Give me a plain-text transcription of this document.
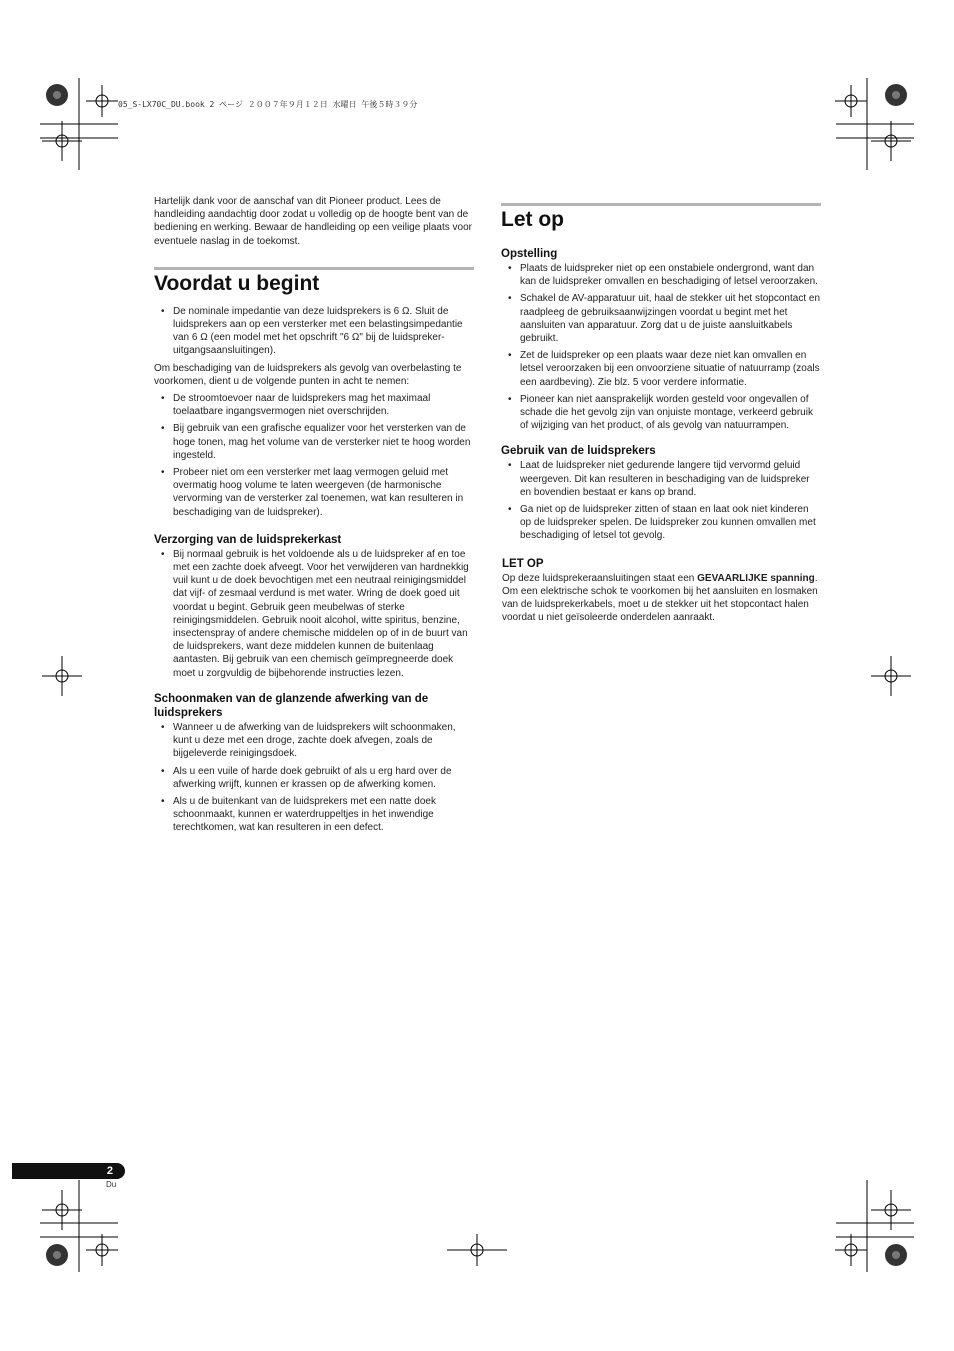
05_S-LX70C_DU.book 2 ページ ２００７年９月１２日 水曜日 午後５時３９分

Hartelijk dank voor de aanschaf van dit Pioneer product. Lees de handleiding aandachtig door zodat u volledig op de hoogte bent van de bediening en werking. Bewaar de handleiding op een veilige plaats voor eventuele naslag in de toekomst.

Voordat u begint
• De nominale impedantie van deze luidsprekers is 6 Ω. Sluit de luidsprekers aan op een versterker met een belastingsimpedantie van 6 Ω (een model met het opschrift "6 Ω" bij de luidspreker-uitgangsaansluitingen).

Om beschadiging van de luidsprekers als gevolg van overbelasting te voorkomen, dient u de volgende punten in acht te nemen:

• De stroomtoevoer naar de luidsprekers mag het maximaal toelaatbare ingangsvermogen niet overschrijden.
• Bij gebruik van een grafische equalizer voor het versterken van de hoge tonen, mag het volume van de versterker niet te hoog worden ingesteld.
• Probeer niet om een versterker met laag vermogen geluid met overmatig hoog volume te laten weergeven (de harmonische vervorming van de versterker zal toenemen, wat kan resulteren in beschadiging van de luidspreker).
Verzorging van de luidsprekerkast
• Bij normaal gebruik is het voldoende als u de luidspreker af en toe met een zachte doek afveegt. Voor het verwijderen van hardnekkig vuil kunt u de doek bevochtigen met een neutraal reinigingsmiddel dat vijf- of zesmaal verdund is met water. Wring de doek goed uit voordat u begint. Gebruik geen meubelwas of sterke reinigingsmiddelen. Gebruik nooit alcohol, witte spiritus, benzine, insectenspray of andere chemische middelen op of in de buurt van de luidsprekers, want deze middelen kunnen de buitenlaag aantasten. Bij gebruik van een chemisch geïmpregneerde doek moet u zorgvuldig de bijbehorende instructies lezen.
Schoonmaken van de glanzende afwerking van de luidsprekers
• Wanneer u de afwerking van de luidsprekers wilt schoonmaken, kunt u deze met een droge, zachte doek afvegen, zoals de bijgeleverde reinigingsdoek.
• Als u een vuile of harde doek gebruikt of als u erg hard over de afwerking wrijft, kunnen er krassen op de afwerking komen.
• Als u de buitenkant van de luidsprekers met een natte doek schoonmaakt, kunnen er waterdruppeltjes in het inwendige terechtkomen, wat kan resulteren in een defect.
Let op
Opstelling
• Plaats de luidspreker niet op een onstabiele ondergrond, want dan kan de luidspreker omvallen en beschadiging of letsel veroorzaken.
• Schakel de AV-apparatuur uit, haal de stekker uit het stopcontact en raadpleeg de gebruiksaanwijzingen voordat u begint met het aansluiten van apparatuur. Zorg dat u de juiste aansluitkabels gebruikt.
• Zet de luidspreker op een plaats waar deze niet kan omvallen en letsel veroorzaken bij een onvoorziene situatie of natuurramp (zoals een aardbeving). Zie blz. 5 voor verdere informatie.
• Pioneer kan niet aansprakelijk worden gesteld voor ongevallen of schade die het gevolg zijn van onjuiste montage, verkeerd gebruik of wijziging van het product, of als gevolg van natuurrampen.
Gebruik van de luidsprekers
• Laat de luidspreker niet gedurende langere tijd vervormd geluid weergeven. Dit kan resulteren in beschadiging van de luidspreker en bovendien bestaat er kans op brand.
• Ga niet op de luidspreker zitten of staan en laat ook niet kinderen op de luidspreker spelen. De luidspreker zou kunnen omvallen met beschadiging of letsel tot gevolg.
LET OP

Op deze luidsprekeraansluitingen staat een GEVAARLIJKE spanning. Om een elektrische schok te voorkomen bij het aansluiten en losmaken van de luidsprekerkabels, moet u de stekker uit het stopcontact halen voordat u niet geïsoleerde onderdelen aanraakt.

2
Du
